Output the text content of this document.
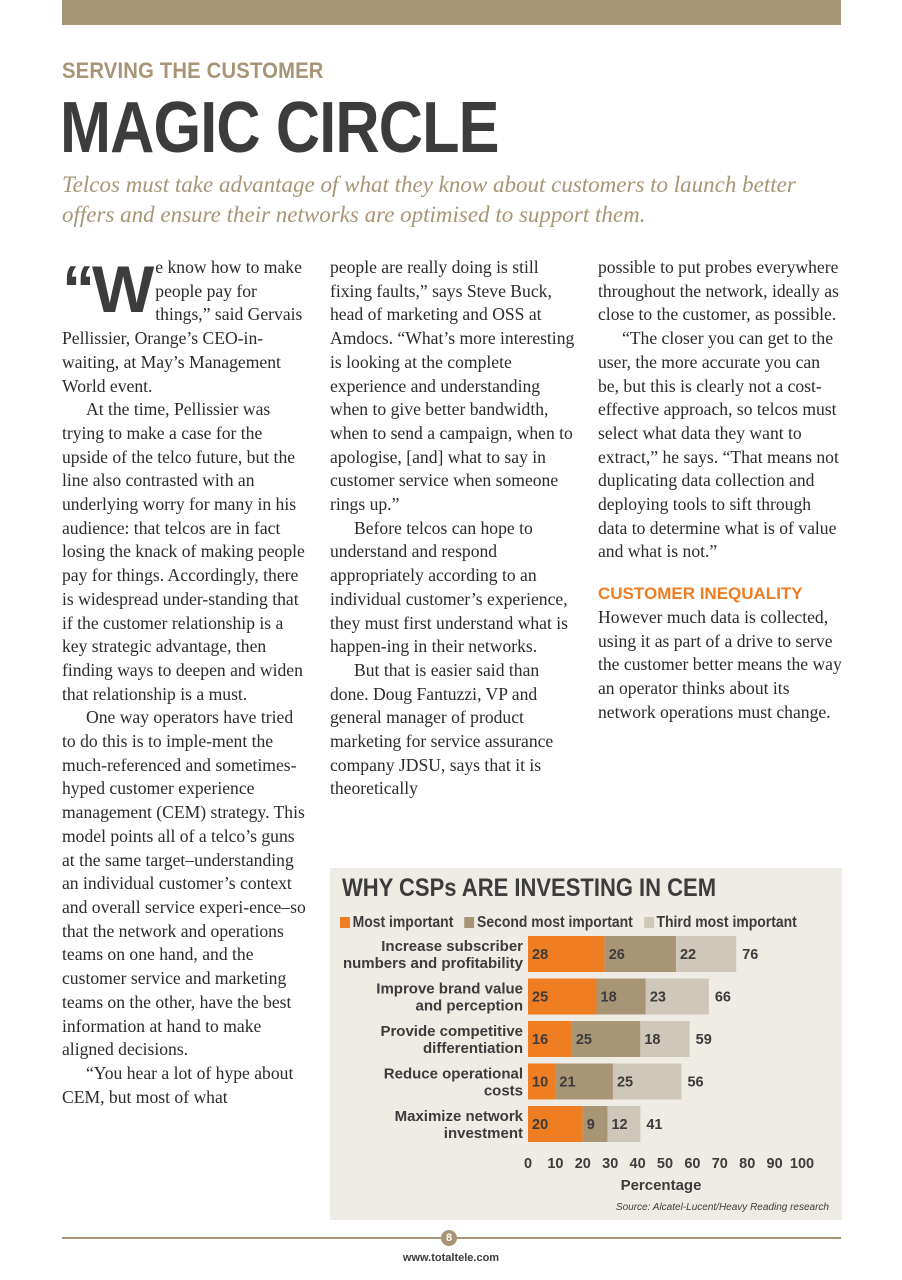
SERVING THE CUSTOMER
MAGIC CIRCLE
Telcos must take advantage of what they know about customers to launch better offers and ensure their networks are optimised to support them.

“We know how to make people pay for things,” said Gervais Pellissier, Orange’s CEO-in-waiting, at May’s Management World event.

At the time, Pellissier was trying to make a case for the upside of the telco future, but the line also contrasted with an underlying worry for many in his audience: that telcos are in fact losing the knack of making people pay for things. Accordingly, there is widespread under-standing that if the customer relationship is a key strategic advantage, then finding ways to deepen and widen that relationship is a must.

One way operators have tried to do this is to imple-ment the much-referenced and sometimes-hyped customer experience management (CEM) strategy. This model points all of a telco’s guns at the same target–understanding an individual customer’s context and overall service experi-ence–so that the network and operations teams on one hand, and the customer service and marketing teams on the other, have the best information at hand to make aligned decisions.

“You hear a lot of hype about CEM, but most of what

people are really doing is still fixing faults,” says Steve Buck, head of marketing and OSS at Amdocs. “What’s more interesting is looking at the complete experience and understanding when to give better bandwidth, when to send a campaign, when to apologise, [and] what to say in customer service when someone rings up.”

Before telcos can hope to understand and respond appropriately according to an individual customer’s experience, they must first understand what is happen-ing in their networks.

But that is easier said than done. Doug Fantuzzi, VP and general manager of product marketing for service assurance company JDSU, says that it is theoretically

possible to put probes everywhere throughout the network, ideally as close to the customer, as possible.

“The closer you can get to the user, the more accurate you can be, but this is clearly not a cost-effective approach, so telcos must select what data they want to extract,” he says. “That means not duplicating data collection and deploying tools to sift through data to determine what is of value and what is not.”

CUSTOMER INEQUALITY

However much data is collected, using it as part of a drive to serve the customer better means the way an operator thinks about its network operations must change.

WHY CSPs ARE INVESTING IN CEM
Most important Second most important Third most important
Increase subscriber
numbers and profitability 28	26	22	76
Improve brand value
and perception 25	18 23	66
Provide competitive
differentiation 16 25	18 59
Reduce operational
costs 10 21	25	56
Maximize network
investment 20	9 12 41
0 10 20 30 40 50 60 70 80 90 100
Percentage
Source: Alcatel-Lucent/Heavy Reading research
8
www.totaltele.com
